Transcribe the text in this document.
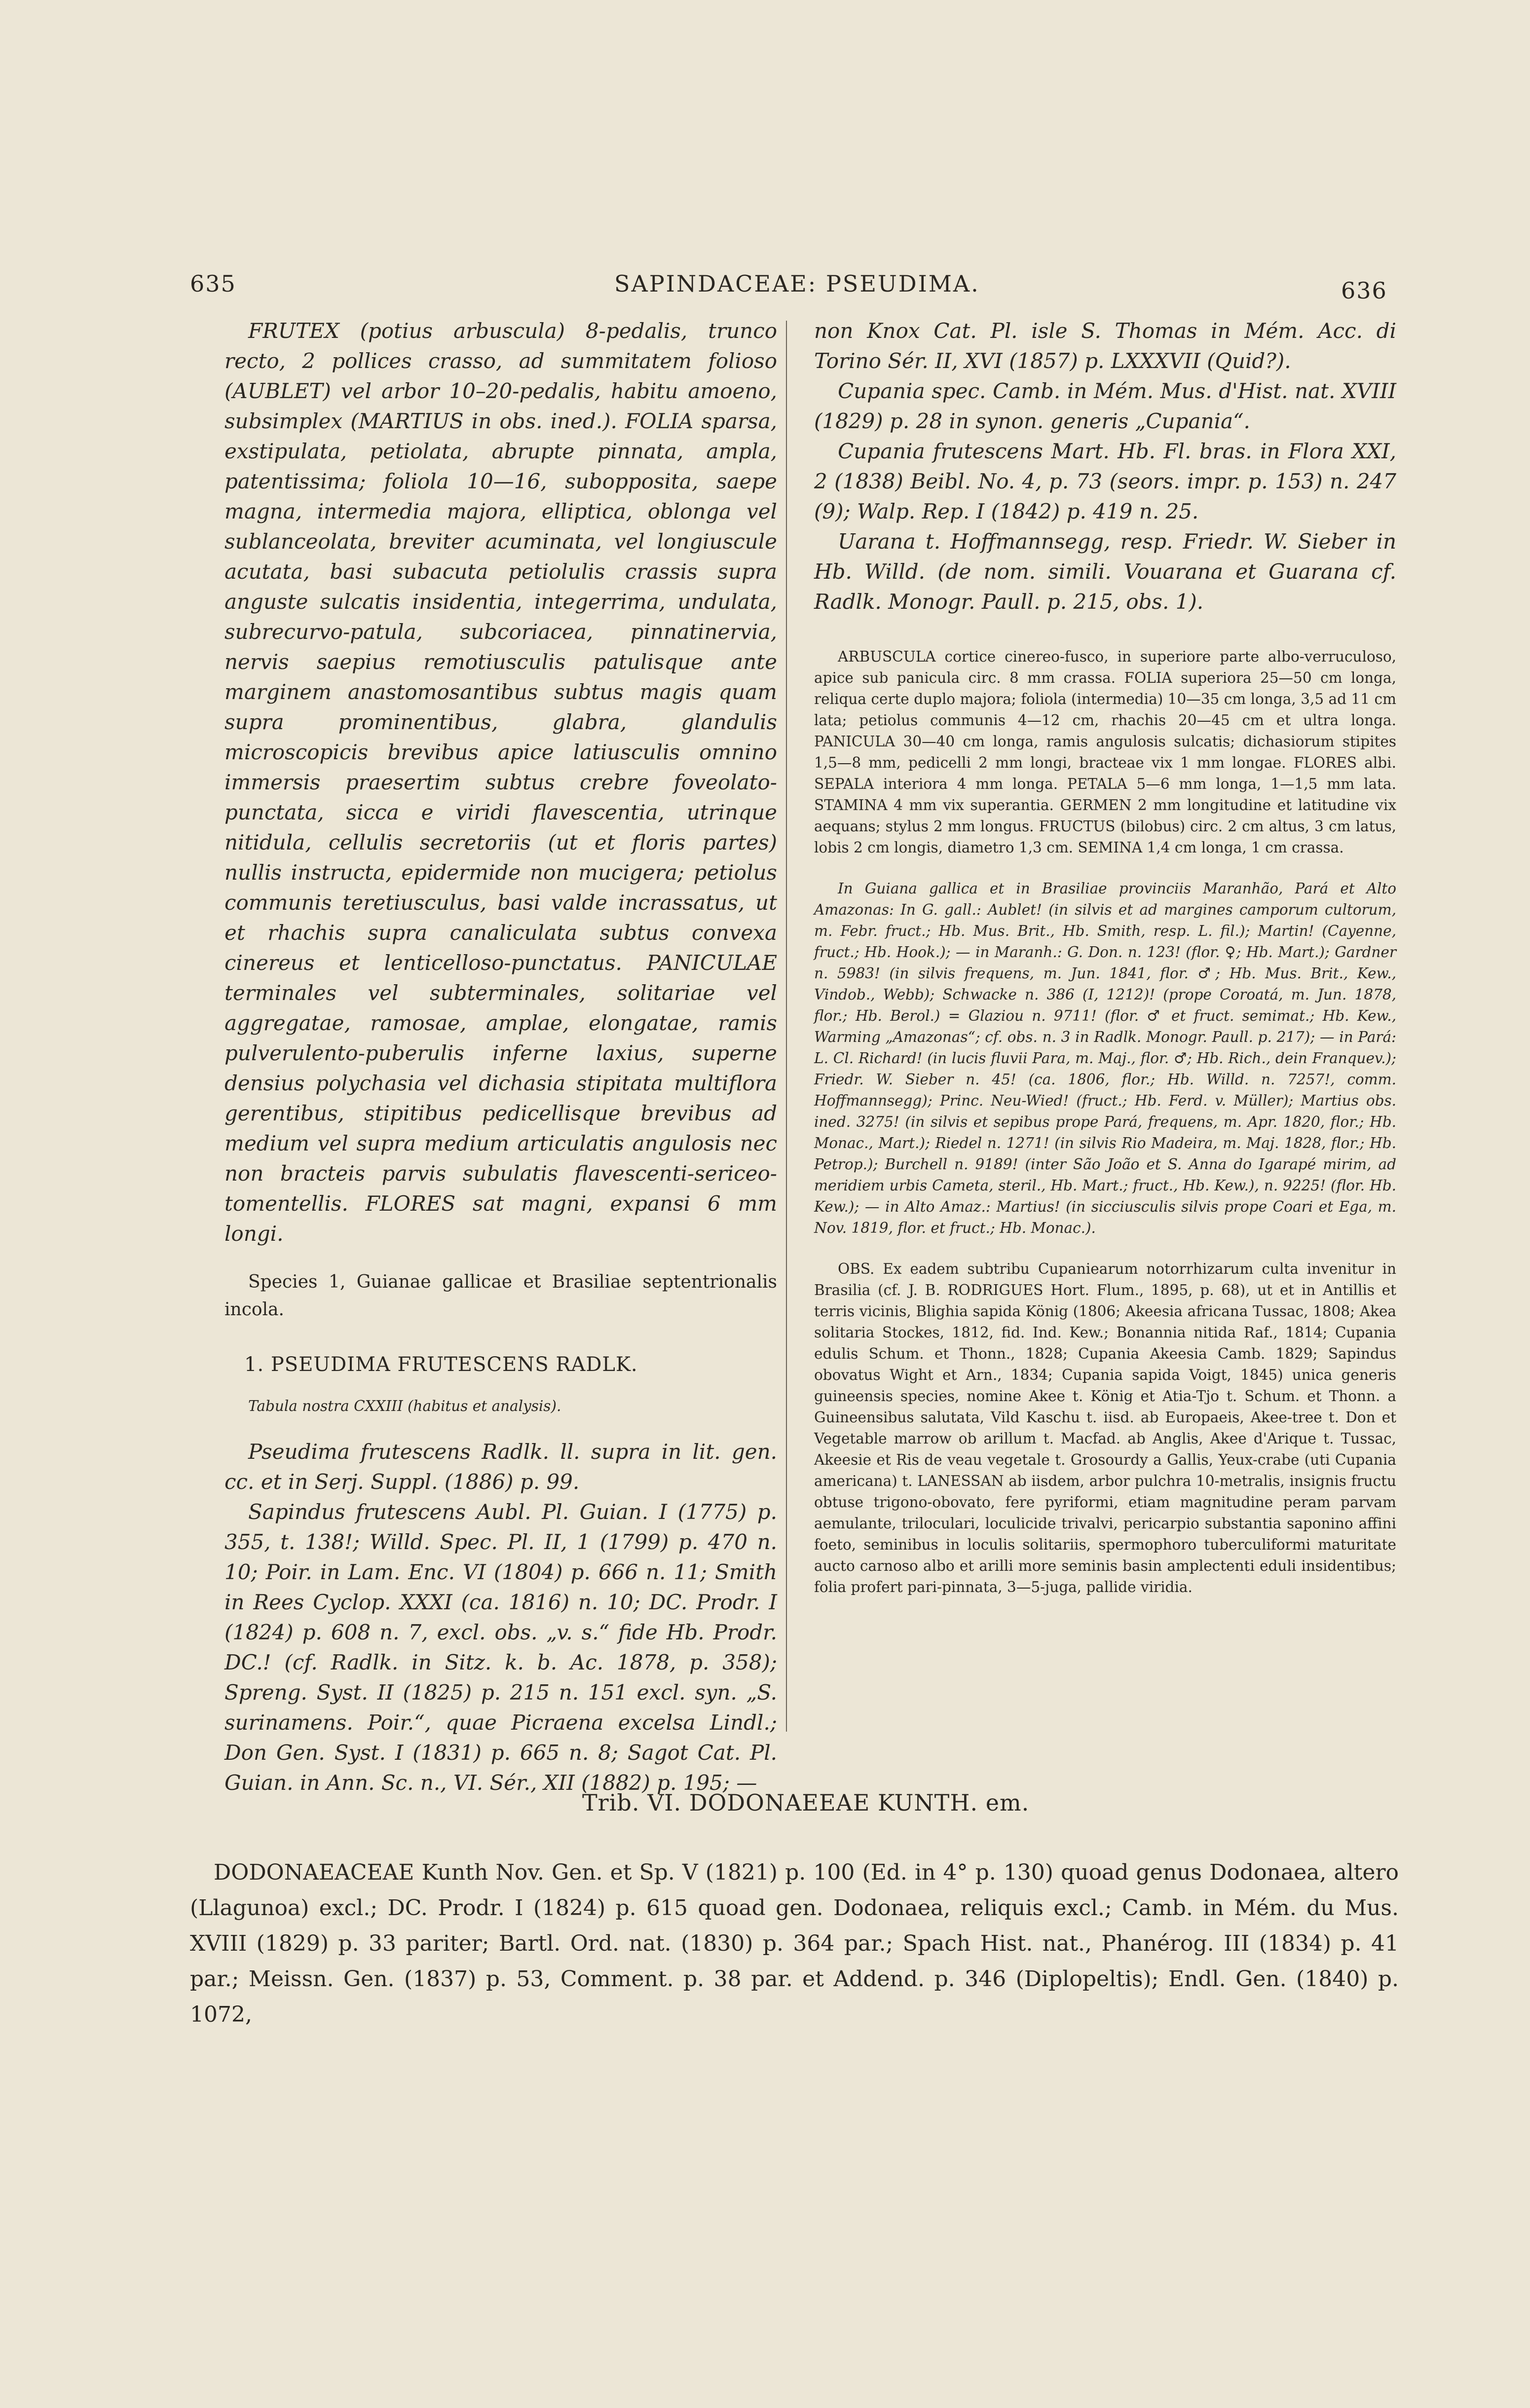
635	SAPINDACEAE: PSEUDIMA.	636

FRUTEX (potius arbuscula) 8-pedalis, trunco recto, 2 pollices crasso, ad summitatem folioso (AUBLET) vel arbor 10–20-pedalis, habitu amoeno, subsimplex (MARTIUS in obs. ined.). FOLIA sparsa, exstipulata, petiolata, abrupte pinnata, ampla, patentissima; foliola 10—16, subopposita, saepe magna, intermedia majora, elliptica, oblonga vel sublanceolata, breviter acuminata, vel longiuscule acutata, basi subacuta petiolulis crassis supra anguste sulcatis insidentia, integerrima, undulata, subrecurvo-patula, subcoriacea, pinnatinervia, nervis saepius remotiusculis patulisque ante marginem anastomosantibus subtus magis quam supra prominentibus, glabra, glandulis microscopicis brevibus apice latiusculis omnino immersis praesertim subtus crebre foveolato-punctata, sicca e viridi flavescentia, utrinque nitidula, cellulis secretoriis (ut et floris partes) nullis instructa, epidermide non mucigera; petiolus communis teretiusculus, basi valde incrassatus, ut et rhachis supra canaliculata subtus convexa cinereus et lenticelloso-punctatus. PANICULAE terminales vel subterminales, solitariae vel aggregatae, ramosae, amplae, elongatae, ramis pulverulento-puberulis inferne laxius, superne densius polychasia vel dichasia stipitata multiflora gerentibus, stipitibus pedicellisque brevibus ad medium vel supra medium articulatis angulosis nec non bracteis parvis subulatis flavescenti-sericeo-tomentellis. FLORES sat magni, expansi 6 mm longi.

Species 1, Guianae gallicae et Brasiliae septentrionalis incola.

1. PSEUDIMA FRUTESCENS RADLK.

Tabula nostra CXXIII (habitus et analysis).

Pseudima frutescens Radlk. ll. supra in lit. gen. cc. et in Serj. Suppl. (1886) p. 99.

Sapindus frutescens Aubl. Pl. Guian. I (1775) p. 355, t. 138!; Willd. Spec. Pl. II, 1 (1799) p. 470 n. 10; Poir. in Lam. Enc. VI (1804) p. 666 n. 11; Smith in Rees Cyclop. XXXI (ca. 1816) n. 10; DC. Prodr. I (1824) p. 608 n. 7, excl. obs. „v. s.“ fide Hb. Prodr. DC.! (cf. Radlk. in Sitz. k. b. Ac. 1878, p. 358); Spreng. Syst. II (1825) p. 215 n. 151 excl. syn. „S. surinamens. Poir.“, quae Picraena excelsa Lindl.; Don Gen. Syst. I (1831) p. 665 n. 8; Sagot Cat. Pl. Guian. in Ann. Sc. n., VI. Sér., XII (1882) p. 195; —

non Knox Cat. Pl. isle S. Thomas in Mém. Acc. di Torino Sér. II, XVI (1857) p. LXXXVII (Quid?).

Cupania spec. Camb. in Mém. Mus. d'Hist. nat. XVIII (1829) p. 28 in synon. generis „Cupania“.

Cupania frutescens Mart. Hb. Fl. bras. in Flora XXI, 2 (1838) Beibl. No. 4, p. 73 (seors. impr. p. 153) n. 247 (9); Walp. Rep. I (1842) p. 419 n. 25.

Uarana t. Hoffmannsegg, resp. Friedr. W. Sieber in Hb. Willd. (de nom. simili. Vouarana et Guarana cf. Radlk. Monogr. Paull. p. 215, obs. 1).

ARBUSCULA cortice cinereo-fusco, in superiore parte albo-verruculoso, apice sub panicula circ. 8 mm crassa. FOLIA superiora 25—50 cm longa, reliqua certe duplo majora; foliola (intermedia) 10—35 cm longa, 3,5 ad 11 cm lata; petiolus communis 4—12 cm, rhachis 20—45 cm et ultra longa. PANICULA 30—40 cm longa, ramis angulosis sulcatis; dichasiorum stipites 1,5—8 mm, pedicelli 2 mm longi, bracteae vix 1 mm longae. FLORES albi. SEPALA interiora 4 mm longa. PETALA 5—6 mm longa, 1—1,5 mm lata. STAMINA 4 mm vix superantia. GERMEN 2 mm longitudine et latitudine vix aequans; stylus 2 mm longus. FRUCTUS (bilobus) circ. 2 cm altus, 3 cm latus, lobis 2 cm longis, diametro 1,3 cm. SEMINA 1,4 cm longa, 1 cm crassa.

In Guiana gallica et in Brasiliae provinciis Maranhão, Pará et Alto Amazonas: In G. gall.: Aublet! (in silvis et ad margines camporum cultorum, m. Febr. fruct.; Hb. Mus. Brit., Hb. Smith, resp. L. fil.); Martin! (Cayenne, fruct.; Hb. Hook.); — in Maranh.: G. Don. n. 123! (flor. ♀; Hb. Mart.); Gardner n. 5983! (in silvis frequens, m. Jun. 1841, flor. ♂; Hb. Mus. Brit., Kew., Vindob., Webb); Schwacke n. 386 (I, 1212)! (prope Coroatá, m. Jun. 1878, flor.; Hb. Berol.) = Glaziou n. 9711! (flor. ♂ et fruct. semimat.; Hb. Kew., Warming „Amazonas“; cf. obs. n. 3 in Radlk. Monogr. Paull. p. 217); — in Pará: L. Cl. Richard! (in lucis fluvii Para, m. Maj., flor. ♂; Hb. Rich., dein Franquev.); Friedr. W. Sieber n. 45! (ca. 1806, flor.; Hb. Willd. n. 7257!, comm. Hoffmannsegg); Princ. Neu-Wied! (fruct.; Hb. Ferd. v. Müller); Martius obs. ined. 3275! (in silvis et sepibus prope Pará, frequens, m. Apr. 1820, flor.; Hb. Monac., Mart.); Riedel n. 1271! (in silvis Rio Madeira, m. Maj. 1828, flor.; Hb. Petrop.); Burchell n. 9189! (inter São João et S. Anna do Igarapé mirim, ad meridiem urbis Cameta, steril., Hb. Mart.; fruct., Hb. Kew.), n. 9225! (flor. Hb. Kew.); — in Alto Amaz.: Martius! (in sicciusculis silvis prope Coari et Ega, m. Nov. 1819, flor. et fruct.; Hb. Monac.).

OBS. Ex eadem subtribu Cupaniearum notorrhizarum culta invenitur in Brasilia (cf. J. B. RODRIGUES Hort. Flum., 1895, p. 68), ut et in Antillis et terris vicinis, Blighia sapida König (1806; Akeesia africana Tussac, 1808; Akea solitaria Stockes, 1812, fid. Ind. Kew.; Bonannia nitida Raf., 1814; Cupania edulis Schum. et Thonn., 1828; Cupania Akeesia Camb. 1829; Sapindus obovatus Wight et Arn., 1834; Cupania sapida Voigt, 1845) unica generis guineensis species, nomine Akee t. König et Atia-Tjo t. Schum. et Thonn. a Guineensibus salutata, Vild Kaschu t. iisd. ab Europaeis, Akee-tree t. Don et Vegetable marrow ob arillum t. Macfad. ab Anglis, Akee d'Arique t. Tussac, Akeesie et Ris de veau vegetale t. Grosourdy a Gallis, Yeux-crabe (uti Cupania americana) t. LANESSAN ab iisdem, arbor pulchra 10-metralis, insignis fructu obtuse trigono-obovato, fere pyriformi, etiam magnitudine peram parvam aemulante, triloculari, loculicide trivalvi, pericarpio substantia saponino affini foeto, seminibus in loculis solitariis, spermophoro tuberculiformi maturitate aucto carnoso albo et arilli more seminis basin amplectenti eduli insidentibus; folia profert pari-pinnata, 3—5-juga, pallide viridia.

Trib. VI. DODONAEEAE KUNTH. em.

DODONAEACEAE Kunth Nov. Gen. et Sp. V (1821) p. 100 (Ed. in 4° p. 130) quoad genus Dodonaea, altero (Llagunoa) excl.; DC. Prodr. I (1824) p. 615 quoad gen. Dodonaea, reliquis excl.; Camb. in Mém. du Mus. XVIII (1829) p. 33 pariter; Bartl. Ord. nat. (1830) p. 364 par.; Spach Hist. nat., Phanérog. III (1834) p. 41 par.; Meissn. Gen. (1837) p. 53, Comment. p. 38 par. et Addend. p. 346 (Diplopeltis); Endl. Gen. (1840) p. 1072,
